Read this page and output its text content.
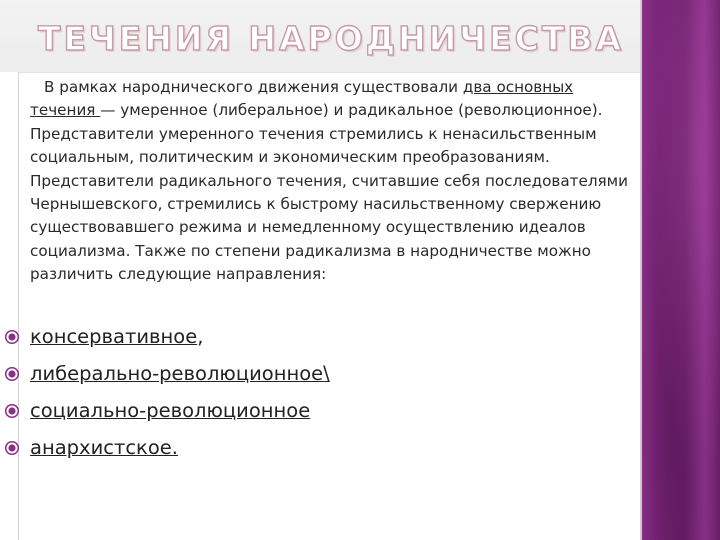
ТЕЧЕНИЯ НАРОДНИЧЕСТВА

В рамках народнического движения существовали два основных течения — умеренное (либеральное) и радикальное (революционное). Представители умеренного течения стремились к ненасильственным социальным, политическим и экономическим преобразованиям. Представители радикального течения, считавшие себя последователями Чернышевского, стремились к быстрому насильственному свержению существовавшего режима и немедленному осуществлению идеалов социализма. Также по степени радикализма в народничестве можно различить следующие направления:

консервативное,
либерально-революционное\
социально-революционное
анархистское.
